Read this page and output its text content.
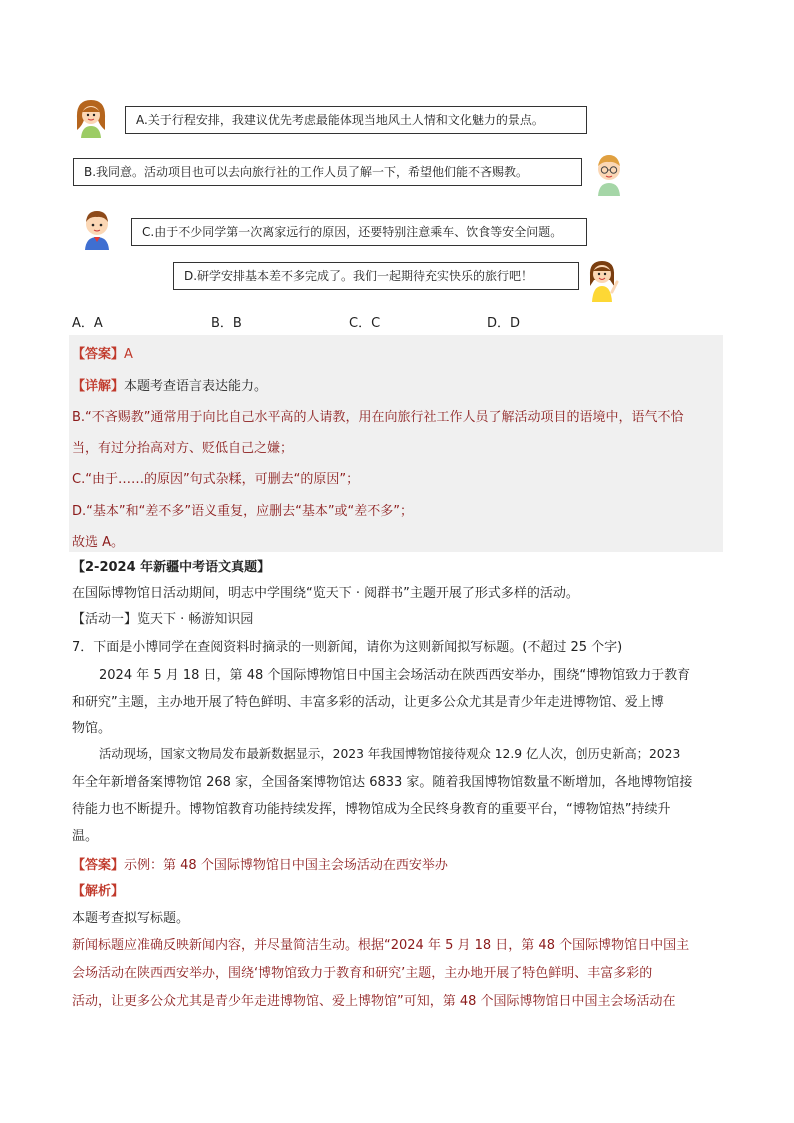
A.关于行程安排，我建议优先考虑最能体现当地风土人情和文化魅力的景点。
B.我同意。活动项目也可以去向旅行社的工作人员了解一下，希望他们能不吝赐教。
C.由于不少同学第一次离家远行的原因，还要特别注意乘车、饮食等安全问题。
D.研学安排基本差不多完成了。我们一起期待充实快乐的旅行吧！
A．A	B．B	C．C	D．D
【答案】A
【详解】本题考查语言表达能力。
B.“不吝赐教”通常用于向比自己水平高的人请教，用在向旅行社工作人员了解活动项目的语境中，语气不恰
当，有过分抬高对方、贬低自己之嫌；
C.“由于……的原因”句式杂糅，可删去“的原因”；
D.“基本”和“差不多”语义重复，应删去“基本”或“差不多”；
故选 A。
【2-2024 年新疆中考语文真题】
在国际博物馆日活动期间，明志中学围绕“览天下 · 阅群书”主题开展了形式多样的活动。
【活动一】览天下 · 畅游知识园
7．下面是小博同学在查阅资料时摘录的一则新闻，请你为这则新闻拟写标题。(不超过 25 个字)
2024 年 5 月 18 日，第 48 个国际博物馆日中国主会场活动在陕西西安举办，围绕“博物馆致力于教育
和研究”主题，主办地开展了特色鲜明、丰富多彩的活动，让更多公众尤其是青少年走进博物馆、爱上博
物馆。
活动现场，国家文物局发布最新数据显示，2023 年我国博物馆接待观众 12.9 亿人次，创历史新高；2023
年全年新增备案博物馆 268 家，全国备案博物馆达 6833 家。随着我国博物馆数量不断增加，各地博物馆接
待能力也不断提升。博物馆教育功能持续发挥，博物馆成为全民终身教育的重要平台，“博物馆热”持续升
温。
【答案】示例：第 48 个国际博物馆日中国主会场活动在西安举办
【解析】
本题考查拟写标题。
新闻标题应准确反映新闻内容，并尽量简洁生动。根据“2024 年 5 月 18 日，第 48 个国际博物馆日中国主
会场活动在陕西西安举办，围绕‘博物馆致力于教育和研究’主题，主办地开展了特色鲜明、丰富多彩的
活动，让更多公众尤其是青少年走进博物馆、爱上博物馆”可知，第 48 个国际博物馆日中国主会场活动在
